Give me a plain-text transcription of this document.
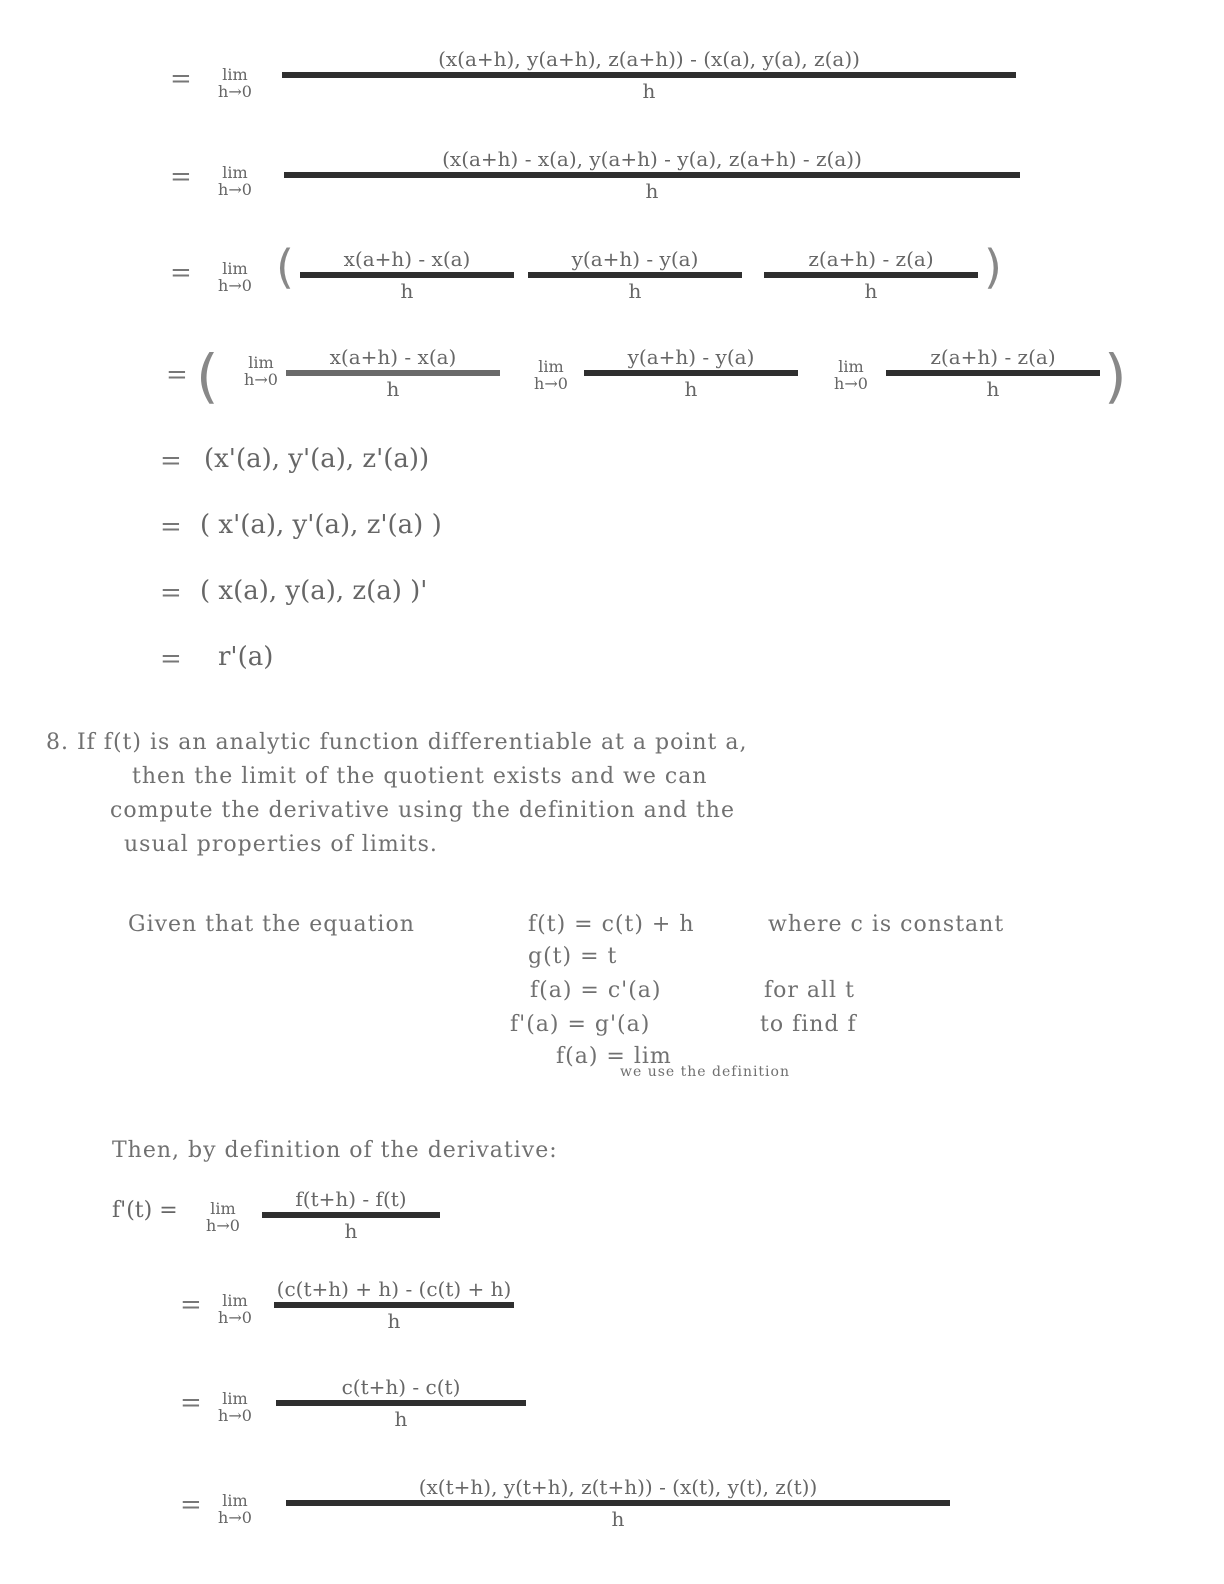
=	lim
h→0
(x(a+h), y(a+h), z(a+h)) - (x(a), y(a), z(a))
h
=	lim
h→0
(x(a+h) - x(a), y(a+h) - y(a), z(a+h) - z(a))
h
=	lim
h→0 (	x(a+h) - x(a)
h
y(a+h) - y(a)
h
z(a+h) - z(a)
h	)
= (	lim
h→0
x(a+h) - x(a)
h
lim
h→0
y(a+h) - y(a)
h
lim
h→0
z(a+h) - z(a)
h	)
= (x'(a), y'(a), z'(a))
= ( x'(a), y'(a), z'(a) )
= ( x(a), y(a), z(a) )'
= r'(a)
8. If f(t) is an analytic function differentiable at a point a,
then the limit of the quotient exists and we can
compute the derivative using the definition and the
usual properties of limits.
Given that the equation	f(t) = c(t) + h	where c is constant
g(t) = t
f(a) = c'(a)	for all t
f'(a) = g'(a)	to find f
f(a) = lim
we use the definition
Then, by definition of the derivative:
f'(t) =	lim
h→0
f(t+h) - f(t)
h
=	lim
h→0
(c(t+h) + h) - (c(t) + h)
h
=	lim
h→0
c(t+h) - c(t)
h
=	lim
h→0
(x(t+h), y(t+h), z(t+h)) - (x(t), y(t), z(t))
h
